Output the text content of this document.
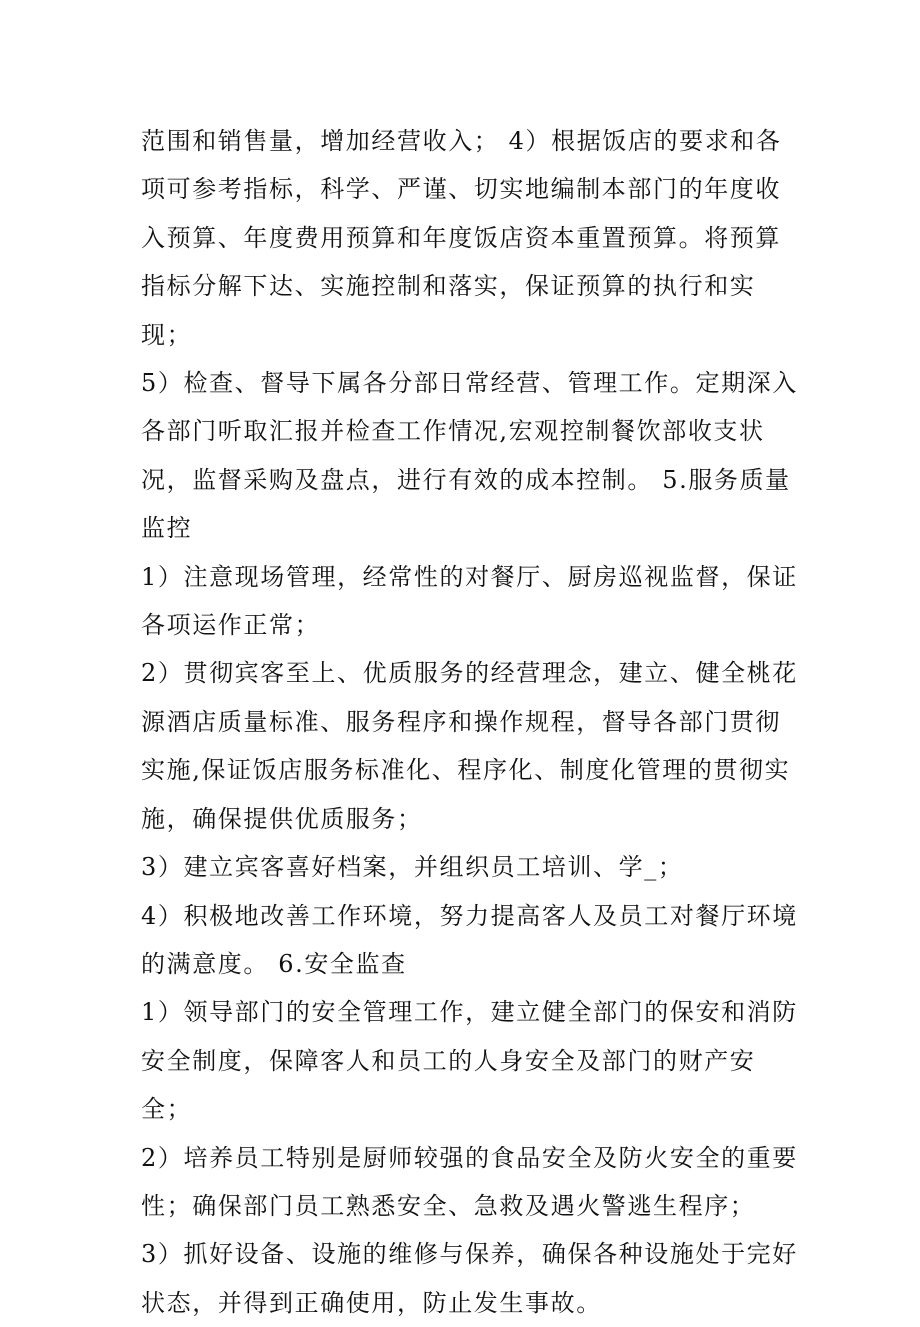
范围和销售量，增加经营收入； 4）根据饭店的要求和各项可参考指标，科学、严谨、切实地编制本部门的年度收入预算、年度费用预算和年度饭店资本重置预算。将预算指标分解下达、实施控制和落实，保证预算的执行和实现；

5）检查、督导下属各分部日常经营、管理工作。定期深入各部门听取汇报并检查工作情况,宏观控制餐饮部收支状况，监督采购及盘点，进行有效的成本控制。 5.服务质量监控

1）注意现场管理，经常性的对餐厅、厨房巡视监督，保证各项运作正常；

2）贯彻宾客至上、优质服务的经营理念，建立、健全桃花源酒店质量标准、服务程序和操作规程，督导各部门贯彻实施,保证饭店服务标准化、程序化、制度化管理的贯彻实施，确保提供优质服务；

3）建立宾客喜好档案，并组织员工培训、学_；

4）积极地改善工作环境，努力提高客人及员工对餐厅环境的满意度。 6.安全监查

1）领导部门的安全管理工作，建立健全部门的保安和消防安全制度，保障客人和员工的人身安全及部门的财产安全；

2）培养员工特别是厨师较强的食品安全及防火安全的重要性；确保部门员工熟悉安全、急救及遇火警逃生程序；

3）抓好设备、设施的维修与保养，确保各种设施处于完好状态，并得到正确使用，防止发生事故。
